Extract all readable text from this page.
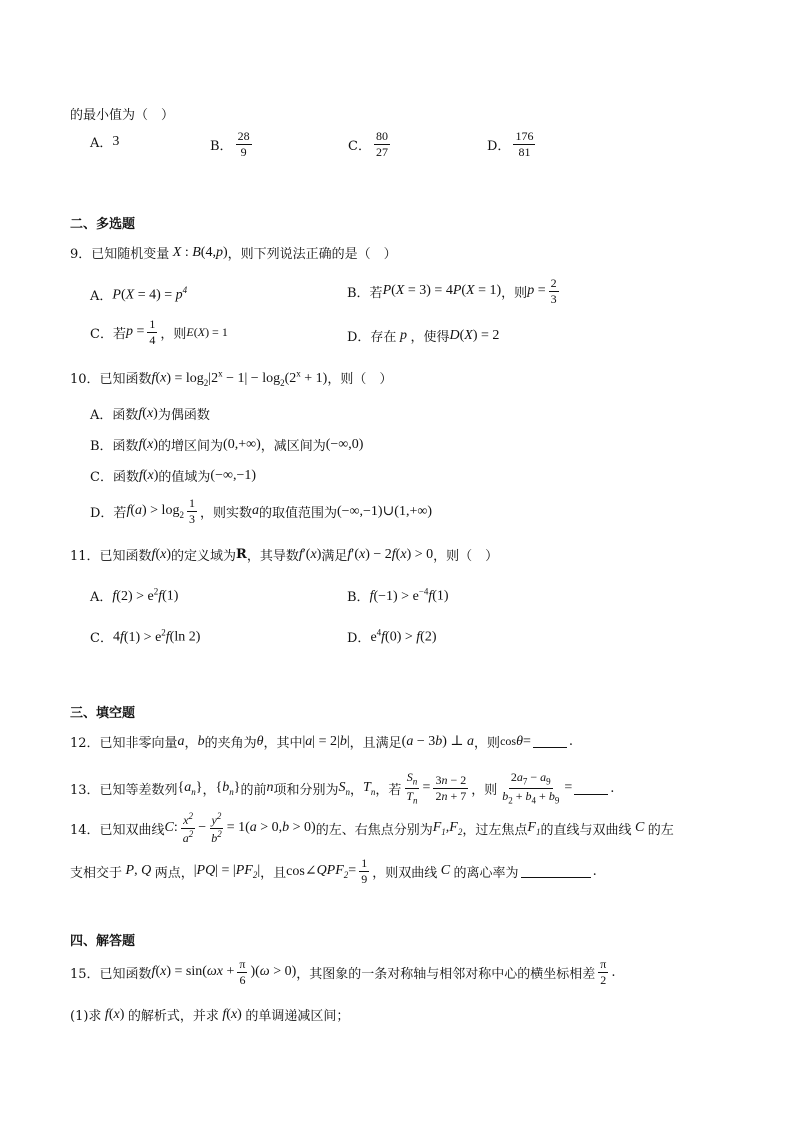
的最小值为（　）
A． 3	B． $\frac{28}{9}$	C． $\frac{80}{27}$	D． $\frac{176}{81}$
二、多选题
9．已知随机变量 X : B(4,p) ，则下列说法正确的是（　）
A． $P(X = 4) = p^4$	B．若 P(X = 3) = 4P(X = 1) ，则 $p = \frac{2}{3}$
C．若 $p = \frac{1}{4}$ ，则 E(X) = 1	D．存在 p ，使得 D(X) = 2
10．已知函数 $f(x) = \log_2|2^x - 1| - \log_2(2^x + 1)$ ，则（　）
A．函数 f(x) 为偶函数
B．函数 f(x) 的增区间为 (0,+∞) ，减区间为 (−∞,0)
C．函数 f(x) 的值域为 (−∞,−1)
D．若 $f(a) > \log_2 \frac{1}{3}$ ，则实数 a 的取值范围为 (−∞,−1)∪(1,+∞)
11．已知函数 f(x) 的定义域为 R ，其导数 f′(x) 满足 f′(x) − 2f(x) > 0 ，则（　）
A． $f(2) > e^2f(1)$	B． $f(-1) > e^{-4}f(1)$
C． $4f(1) > e^2f(\ln$ 2)	D． $e^4f(0) > f(2)$
三、填空题
12．已知非零向量 a ， b 的夹角为 θ ，其中 |a| = 2|b| ，且满足 (a − 3b) ⊥ a ，则 cos θ =	.
13．已知等差数列 { $a_n$ } ， { $b_n$ } 的前 n 项和分别为 $S_n$ ， $T_n$ ，若 $\frac{S_n}{T_n} = \frac{3n - 2}{2n + 7}$ ，则 $\frac{2a_7 - a_9}{b_2 + b_4 + b_9}$ =	.
14．已知双曲线 C: $\frac{x^2}{a^2} - \frac{y^2}{b^2} = 1(a > 0,b > 0)$ 的左、右焦点分别为 $F_1,F_2$ ，过左焦点 $F_1$ 的直线与双曲线 C 的左
支相交于 P, Q 两点， $|PQ| = |PF_2|$ ，且 cos∠ $QPF_2 = \frac{1}{9}$ ，则双曲线 C 的离心率为	.
四、解答题
15．已知函数 $f(x) = \sin(\omega x + \frac{\pi}{6} )(\omega > 0)$ ，其图象的一条对称轴与相邻对称中心的横坐标相差 $\frac{\pi}{2}$ .
(1)求 f(x) 的解析式，并求 f(x) 的单调递减区间；
